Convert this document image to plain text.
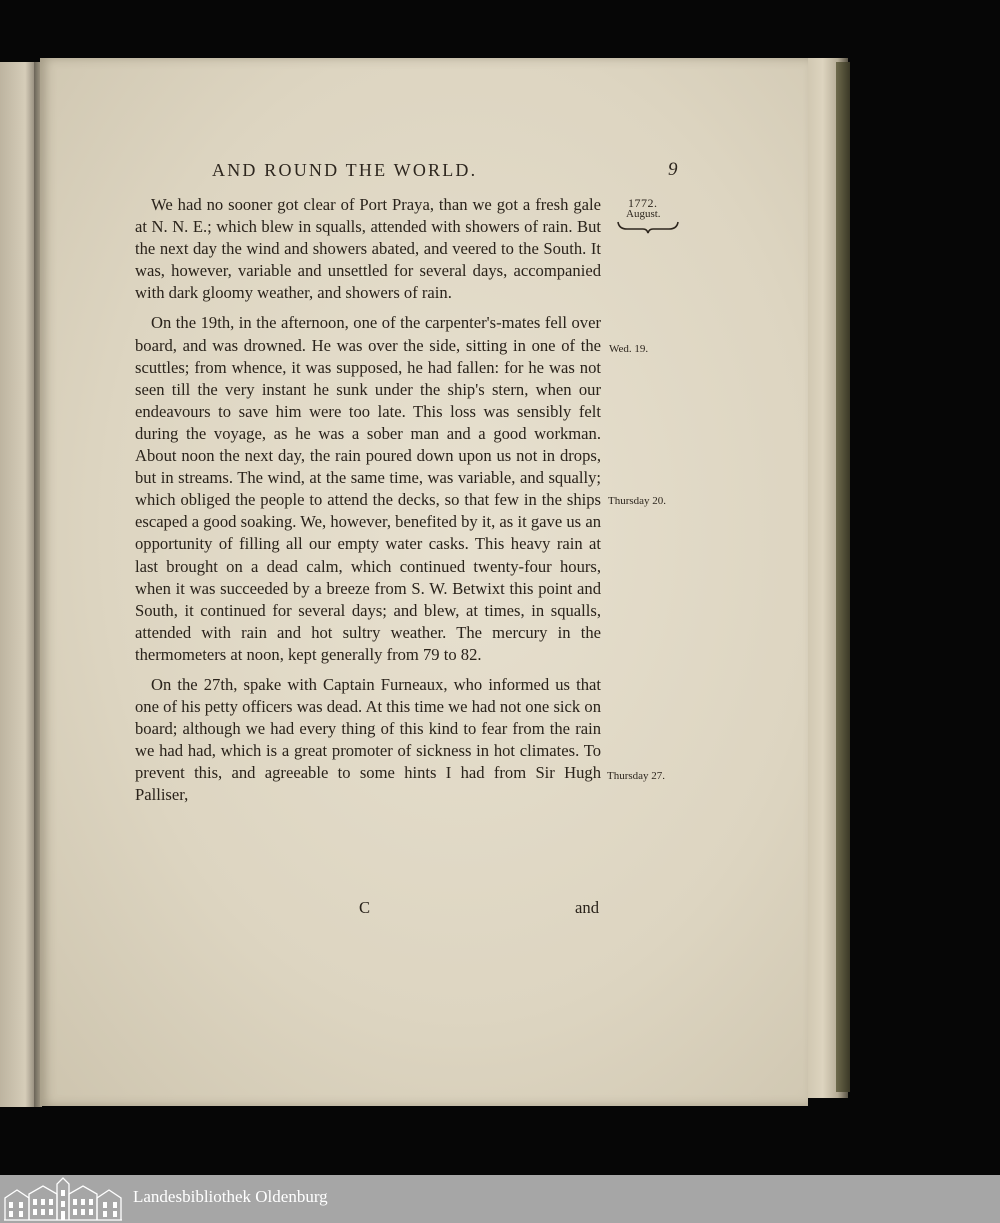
AND ROUND THE WORLD.	9
1772.
August.
Wed. 19.
Thursday 20.
Thursday 27.

We had no sooner got clear of Port Praya, than we got a fresh gale at N. N. E.; which blew in squalls, attended with showers of rain. But the next day the wind and showers abated, and veered to the South. It was, however, variable and unsettled for several days, accompanied with dark gloomy weather, and showers of rain.

On the 19th, in the afternoon, one of the carpenter's-mates fell over board, and was drowned. He was over the side, sitting in one of the scuttles; from whence, it was supposed, he had fallen: for he was not seen till the very instant he sunk under the ship's stern, when our endeavours to save him were too late. This loss was sensibly felt during the voyage, as he was a sober man and a good workman. About noon the next day, the rain poured down upon us not in drops, but in streams. The wind, at the same time, was variable, and squally; which obliged the people to attend the decks, so that few in the ships escaped a good soaking. We, however, benefited by it, as it gave us an opportunity of filling all our empty water casks. This heavy rain at last brought on a dead calm, which continued twenty-four hours, when it was succeeded by a breeze from S. W. Betwixt this point and South, it continued for several days; and blew, at times, in squalls, attended with rain and hot sultry weather. The mercury in the thermometers at noon, kept generally from 79 to 82.

On the 27th, spake with Captain Furneaux, who informed us that one of his petty officers was dead. At this time we had not one sick on board; although we had every thing of this kind to fear from the rain we had had, which is a great promoter of sickness in hot climates. To prevent this, and agreeable to some hints I had from Sir Hugh Palliser,

C	and
Landesbibliothek Oldenburg
